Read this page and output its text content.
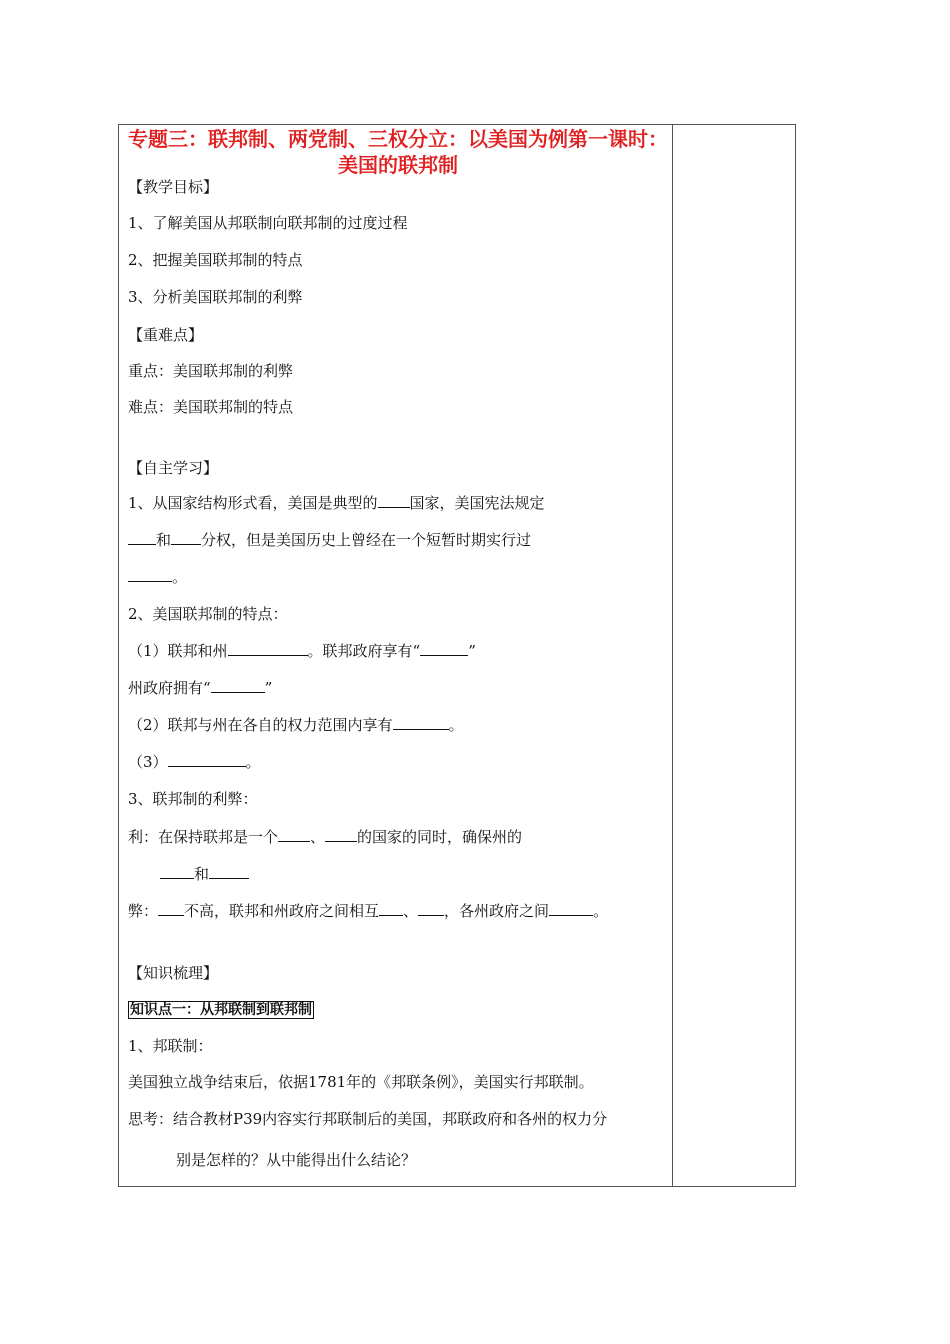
专题三：联邦制、两党制、三权分立：以美国为例第一课时：美国的联邦制
【教学目标】
1、了解美国从邦联制向联邦制的过度过程
2、把握美国联邦制的特点
3、分析美国联邦制的利弊
【重难点】
重点：美国联邦制的利弊
难点：美国联邦制的特点
【自主学习】
1、从国家结构形式看，美国是典型的 国家，美国宪法规定
和 分权，但是美国历史上曾经在一个短暂时期实行过
。
2、美国联邦制的特点：
（1）联邦和州	。联邦政府享有“	”
州政府拥有“	”
（2）联邦与州在各自的权力范围内享有	。
（3）	。
3、联邦制的利弊：
利：在保持联邦是一个 、 的国家的同时，确保州的
和
弊： 不高，联邦和州政府之间相互 、 ，各州政府之间	。
【知识梳理】
知识点一：从邦联制到联邦制
1、邦联制：
美国独立战争结束后，依据1781年的《邦联条例》，美国实行邦联制。
思考：结合教材P39内容实行邦联制后的美国，邦联政府和各州的权力分
别是怎样的？从中能得出什么结论？
